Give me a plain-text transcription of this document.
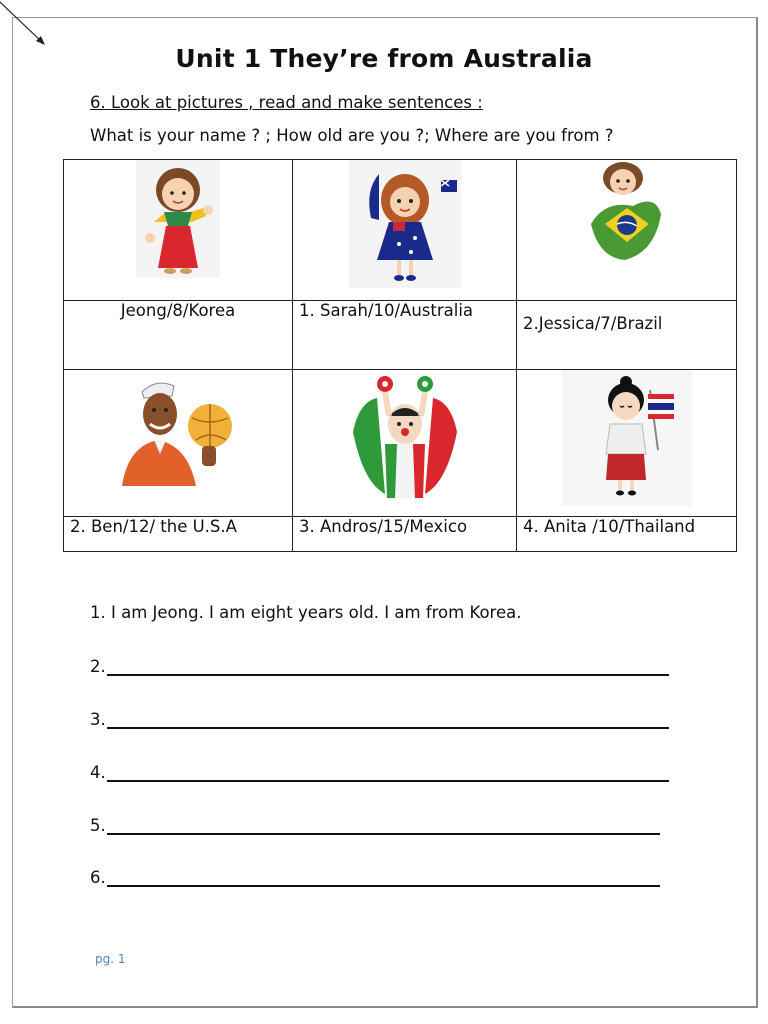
Unit 1 They’re from Australia
6. Look at pictures , read and make sentences :
What is your name ? ; How old are you ?; Where are you from ?

Jeong/8/Korea	1. Sarah/10/Australia	2.Jessica/7/Brazil

2. Ben/12/ the U.S.A	3. Andros/15/Mexico	4. Anita /10/Thailand
1. I am Jeong. I am eight years old. I am from Korea.
2.
3.
4.
5.
6.
pg. 1
